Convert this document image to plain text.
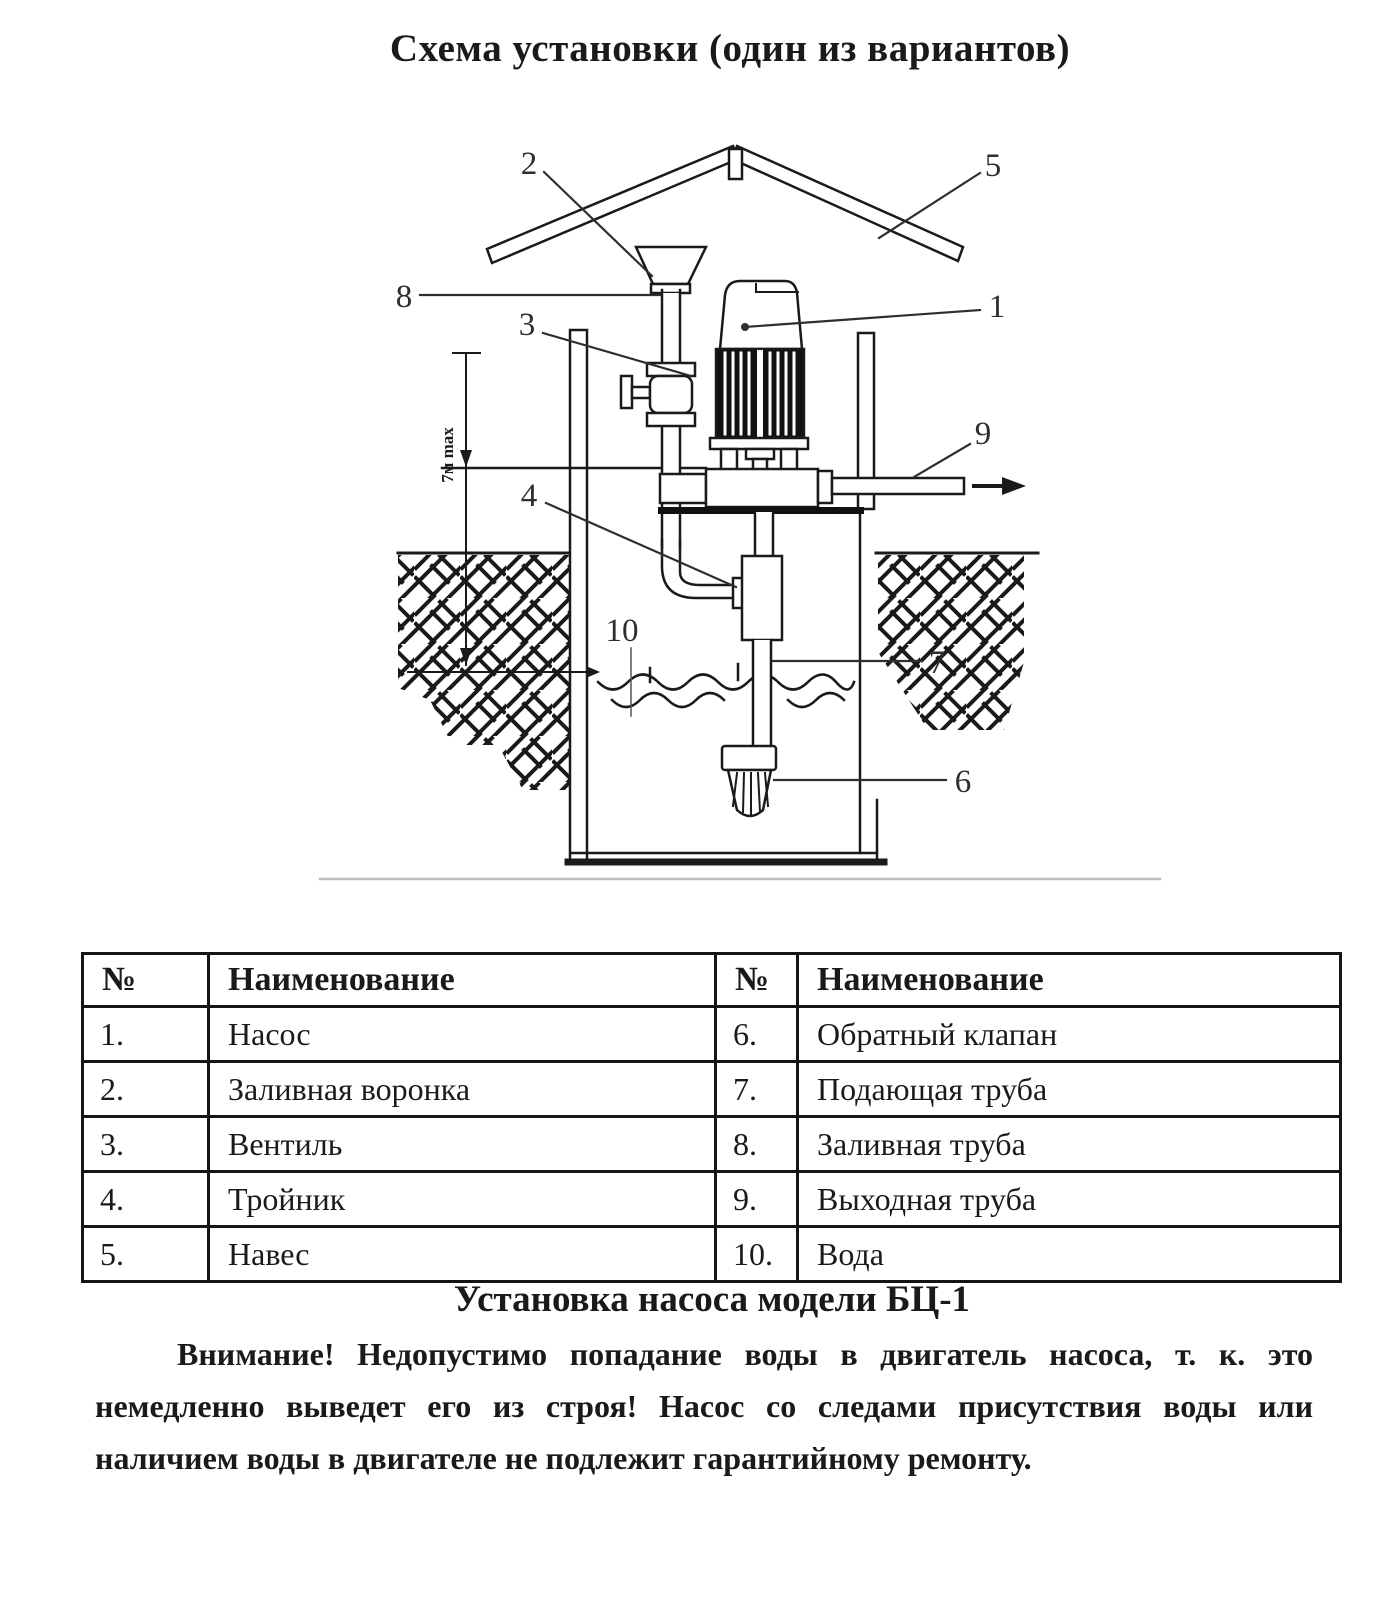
Схема установки (один из вариантов)
7м max
2	5
8
3	1
9
4
10
7
6
№	Наименование	№	Наименование
1.	Насос	6.	Обратный клапан
2.	Заливная воронка	7.	Подающая труба
3.	Вентиль	8.	Заливная труба
4.	Тройник	9.	Выходная труба
5.	Навес	10.	Вода
Установка насоса модели БЦ-1
Внимание! Недопустимо попадание воды в двигатель насоса, т. к. это немедленно выведет его из строя! Насос со следами присутствия воды или наличием воды в двигателе не подлежит гарантийному ремонту.
